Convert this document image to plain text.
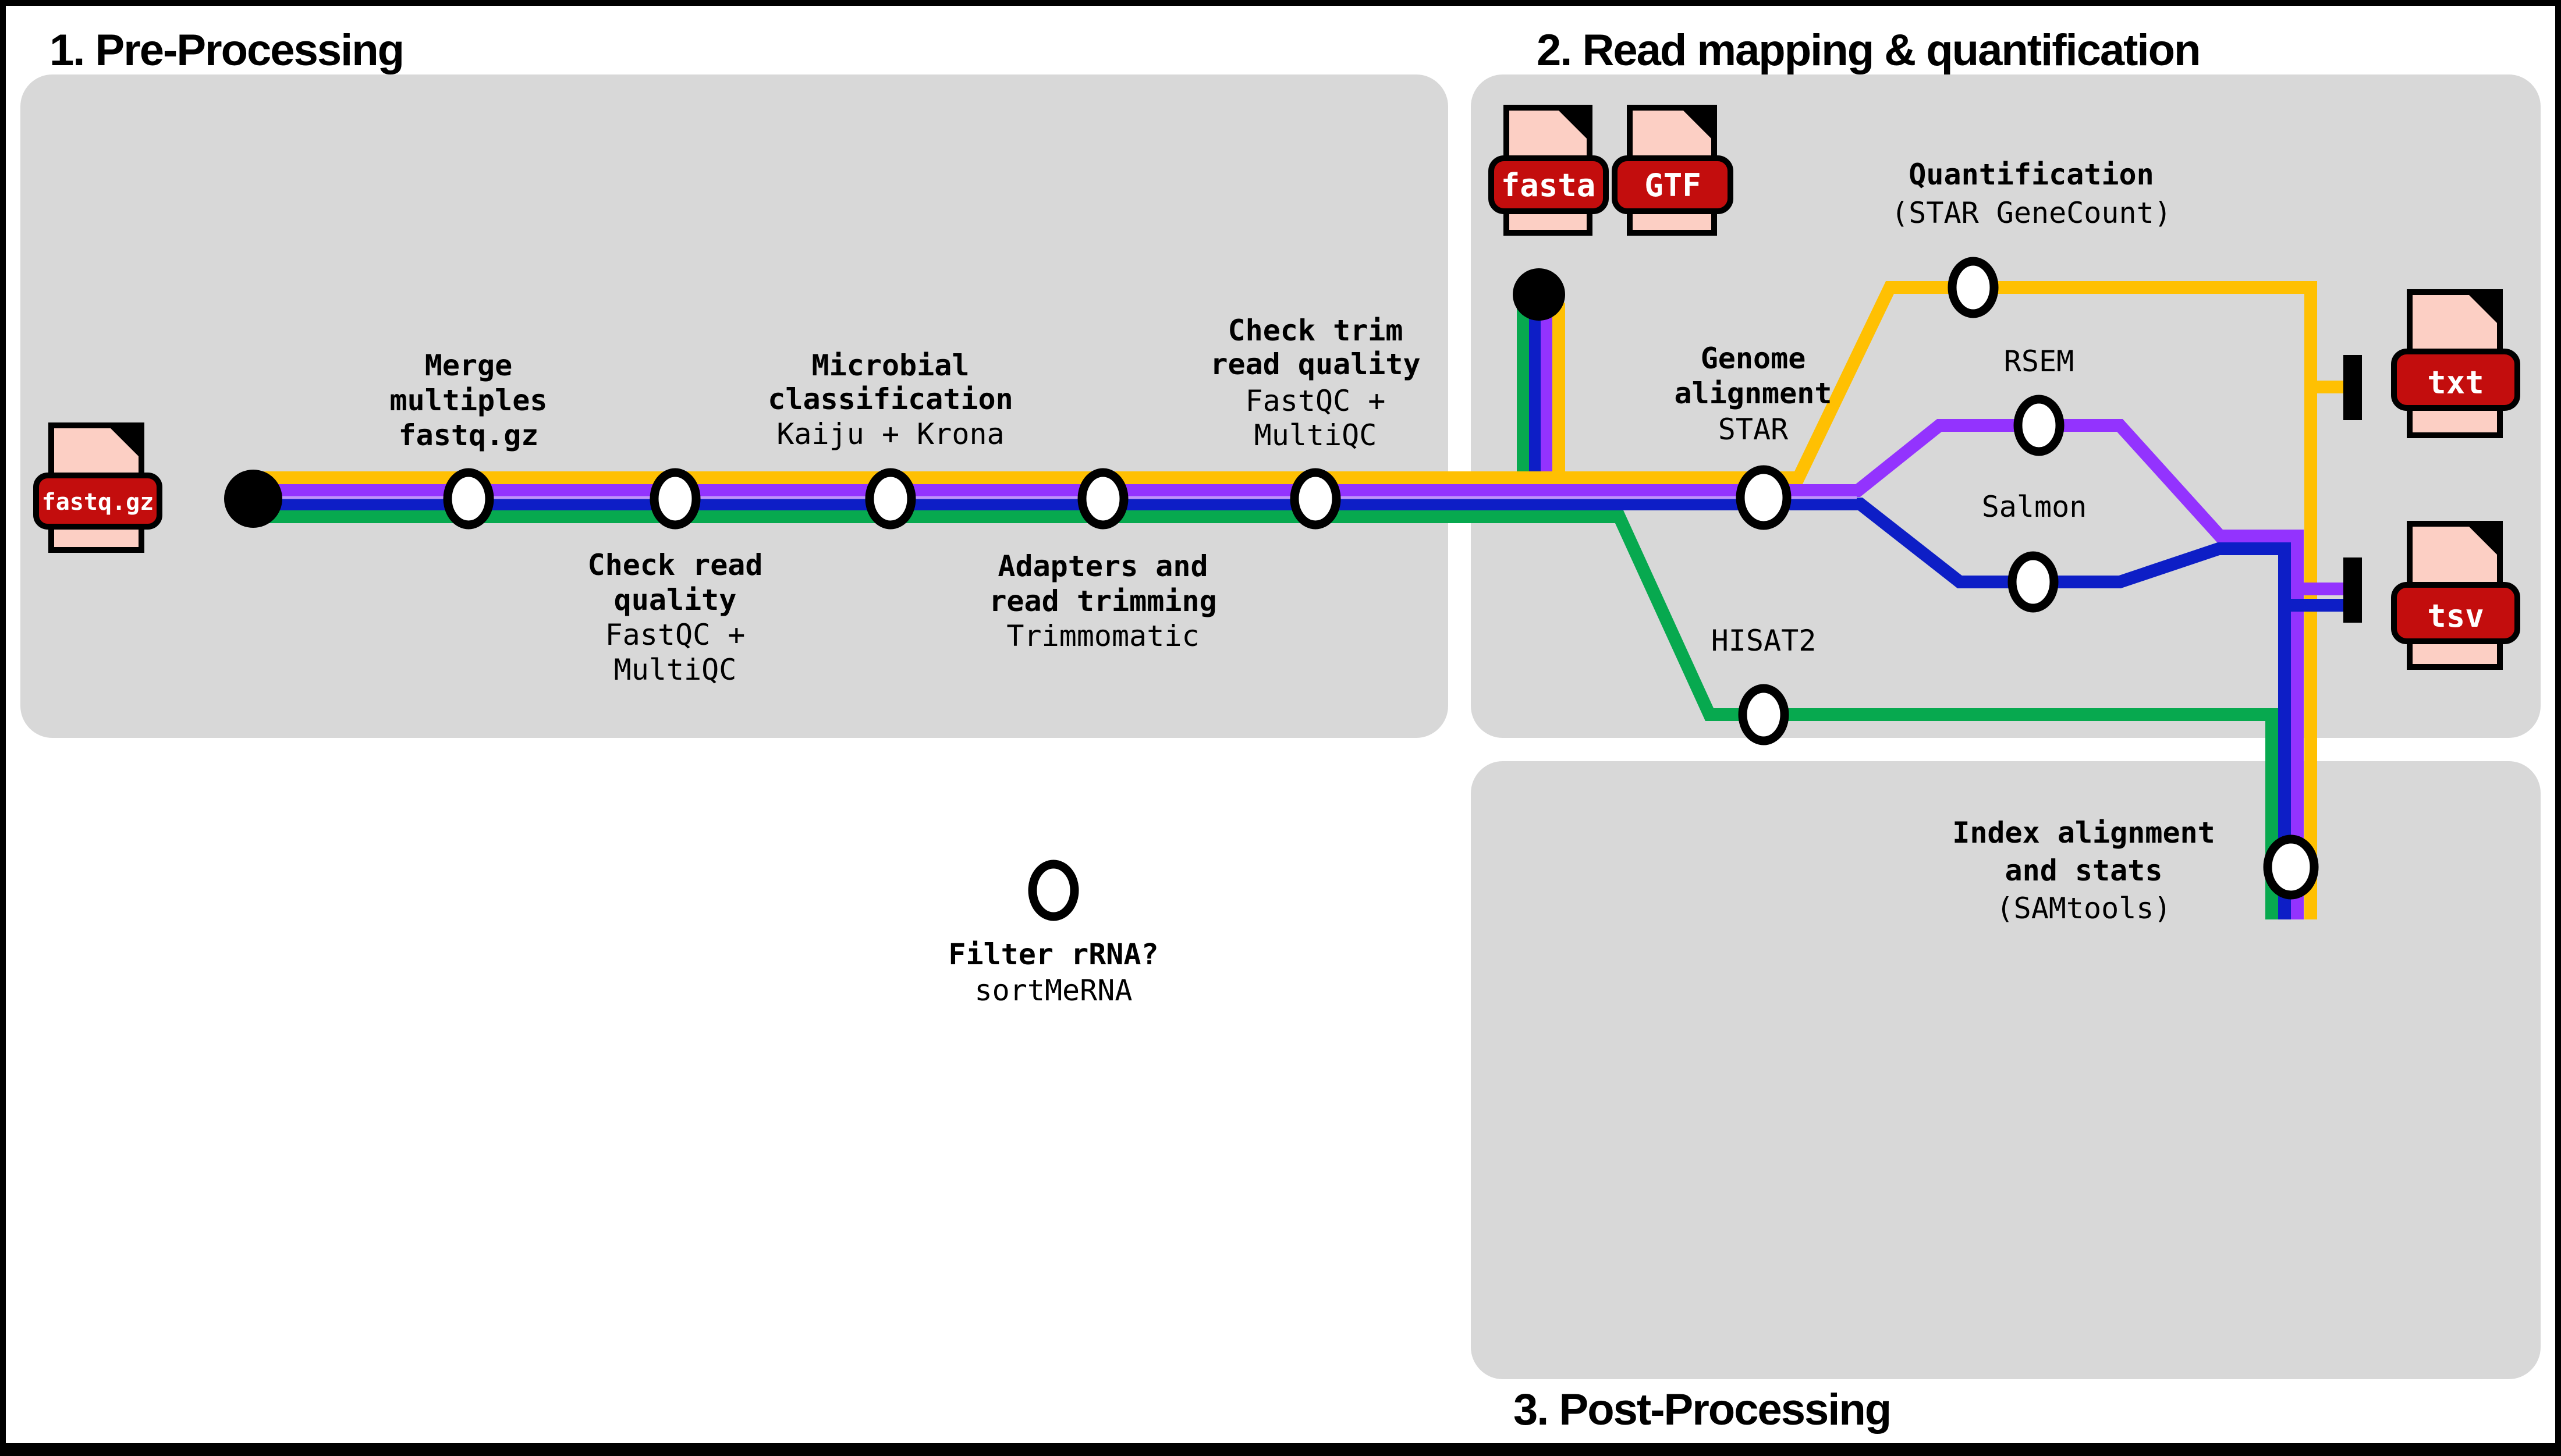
1. Pre-Processing	2. Read mapping & quantification
3. Post-Processing
fastq.gz
fasta GTF
txt
tsv
Merge
multiples
fastq.gz
Check read
quality
FastQC +
MultiQC
Microbial
classification
Kaiju + Krona
Adapters and
read trimming
Trimmomatic
Check trim
read quality
FastQC +
MultiQC
Filter rRNA?
sortMeRNA
Genome
alignment
STAR
Quantification
(STAR GeneCount)
RSEM
Salmon
HISAT2
Index alignment
and stats
(SAMtools)
